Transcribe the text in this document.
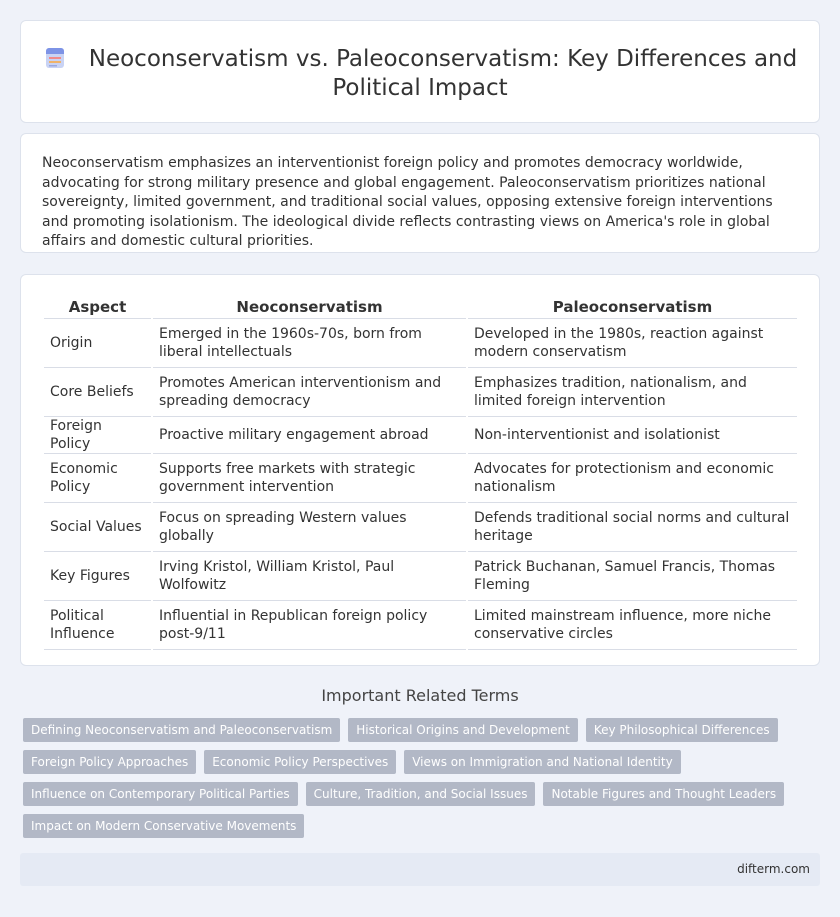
Neoconservatism vs. Paleoconservatism: Key Differences and Political Impact

Neoconservatism emphasizes an interventionist foreign policy and promotes democracy worldwide, advocating for strong military presence and global engagement. Paleoconservatism prioritizes national sovereignty, limited government, and traditional social values, opposing extensive foreign interventions and promoting isolationism. The ideological divide reflects contrasting views on America's role in global affairs and domestic cultural priorities.

Aspect	Neoconservatism	Paleoconservatism
Origin	Emerged in the 1960s-70s, born from liberal intellectuals	Developed in the 1980s, reaction against modern conservatism
Core Beliefs	Promotes American interventionism and spreading democracy	Emphasizes tradition, nationalism, and limited foreign intervention
Foreign Policy	Proactive military engagement abroad	Non-interventionist and isolationist
Economic Policy	Supports free markets with strategic government intervention	Advocates for protectionism and economic nationalism
Social Values	Focus on spreading Western values globally	Defends traditional social norms and cultural heritage
Key Figures	Irving Kristol, William Kristol, Paul Wolfowitz	Patrick Buchanan, Samuel Francis, Thomas Fleming
Political Influence	Influential in Republican foreign policy post-9/11	Limited mainstream influence, more niche conservative circles
Important Related Terms
Defining Neoconservatism and Paleoconservatism	Historical Origins and Development	Key Philosophical Differences
Foreign Policy Approaches	Economic Policy Perspectives	Views on Immigration and National Identity
Influence on Contemporary Political Parties	Culture, Tradition, and Social Issues	Notable Figures and Thought Leaders
Impact on Modern Conservative Movements
difterm.com
